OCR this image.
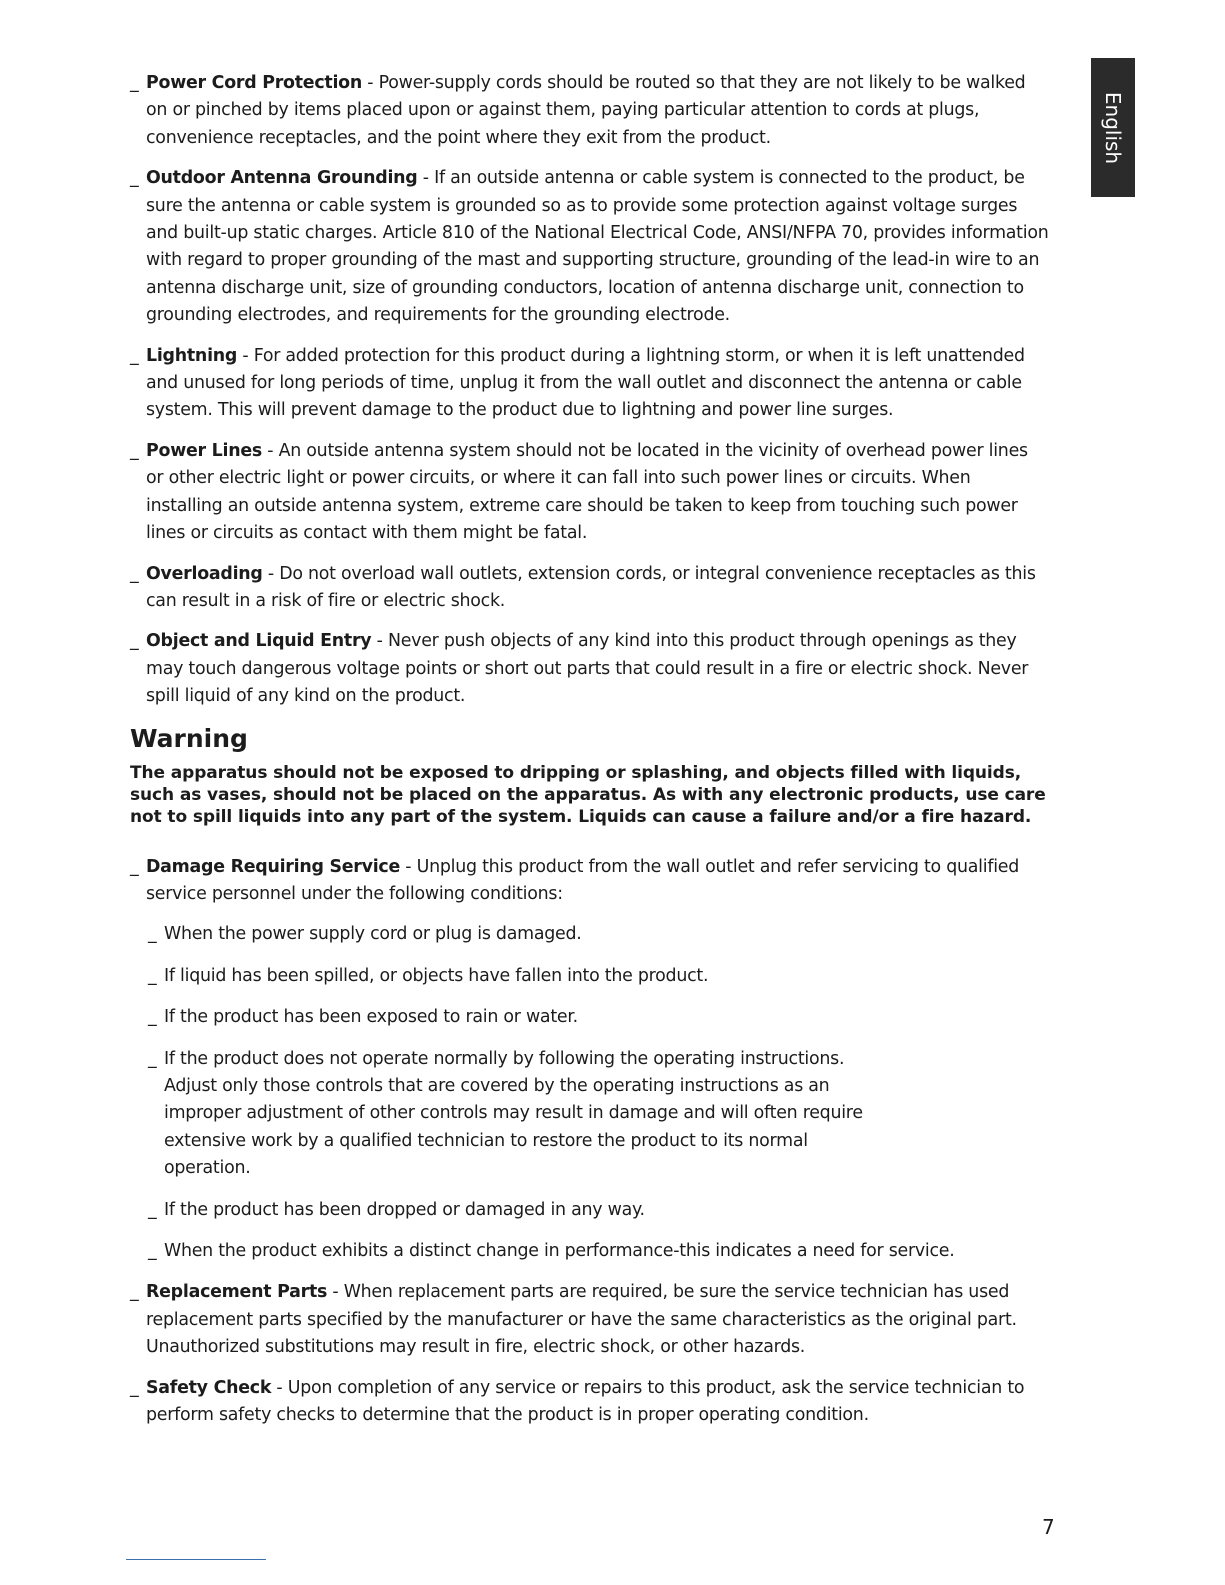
English
_ Power Cord Protection - Power-supply cords should be routed so that they are not likely to be walked on or pinched by items placed upon or against them, paying particular attention to cords at plugs, convenience receptacles, and the point where they exit from the product.
_ Outdoor Antenna Grounding - If an outside antenna or cable system is connected to the product, be sure the antenna or cable system is grounded so as to provide some protection against voltage surges and built-up static charges. Article 810 of the National Electrical Code, ANSI/NFPA 70, provides information with regard to proper grounding of the mast and supporting structure, grounding of the lead-in wire to an antenna discharge unit, size of grounding conductors, location of antenna discharge unit, connection to grounding electrodes, and requirements for the grounding electrode.
_ Lightning - For added protection for this product during a lightning storm, or when it is left unattended and unused for long periods of time, unplug it from the wall outlet and disconnect the antenna or cable system. This will prevent damage to the product due to lightning and power line surges.
_ Power Lines - An outside antenna system should not be located in the vicinity of overhead power lines or other electric light or power circuits, or where it can fall into such power lines or circuits. When installing an outside antenna system, extreme care should be taken to keep from touching such power lines or circuits as contact with them might be fatal.
_ Overloading - Do not overload wall outlets, extension cords, or integral convenience receptacles as this can result in a risk of fire or electric shock.
_ Object and Liquid Entry - Never push objects of any kind into this product through openings as they may touch dangerous voltage points or short out parts that could result in a fire or electric shock. Never spill liquid of any kind on the product.
Warning
The apparatus should not be exposed to dripping or splashing, and objects filled with liquids, such as vases, should not be placed on the apparatus. As with any electronic products, use care not to spill liquids into any part of the system. Liquids can cause a failure and/or a fire hazard.
_ Damage Requiring Service - Unplug this product from the wall outlet and refer servicing to qualified service personnel under the following conditions:
_ When the power supply cord or plug is damaged.
_ If liquid has been spilled, or objects have fallen into the product.
_ If the product has been exposed to rain or water.
_ If the product does not operate normally by following the operating instructions. Adjust only those controls that are covered by the operating instructions as an improper adjustment of other controls may result in damage and will often require extensive work by a qualified technician to restore the product to its normal operation.
_ If the product has been dropped or damaged in any way.
_ When the product exhibits a distinct change in performance-this indicates a need for service.
_ Replacement Parts - When replacement parts are required, be sure the service technician has used replacement parts specified by the manufacturer or have the same characteristics as the original part. Unauthorized substitutions may result in fire, electric shock, or other hazards.
_ Safety Check - Upon completion of any service or repairs to this product, ask the service technician to perform safety checks to determine that the product is in proper operating condition.
7
